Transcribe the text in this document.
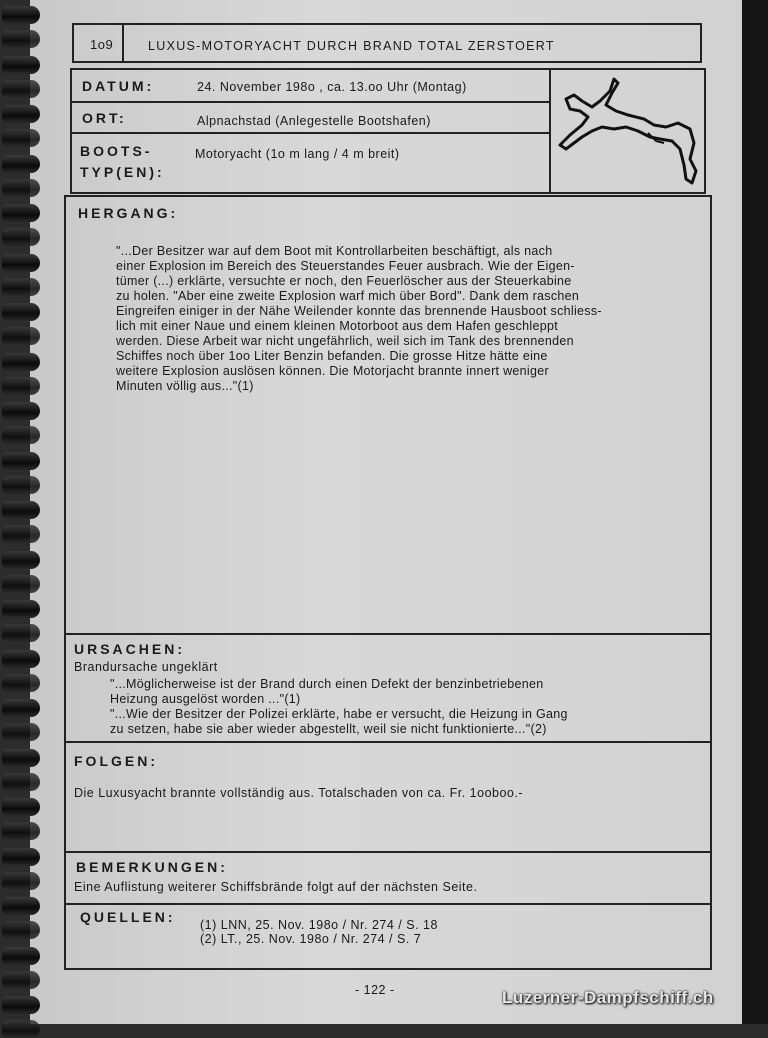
1o9	LUXUS-MOTORYACHT DURCH BRAND TOTAL ZERSTOERT
DATUM:	24. November 198o , ca. 13.oo Uhr (Montag)
ORT:	Alpnachstad (Anlegestelle Bootshafen)
BOOTS-
TYP(EN):
Motoryacht (1o m lang / 4 m breit)
HERGANG:
"...Der Besitzer war auf dem Boot mit Kontrollarbeiten beschäftigt, als nach
einer Explosion im Bereich des Steuerstandes Feuer ausbrach. Wie der Eigen-
tümer (...) erklärte, versuchte er noch, den Feuerlöscher aus der Steuerkabine
zu holen. "Aber eine zweite Explosion warf mich über Bord". Dank dem raschen
Eingreifen einiger in der Nähe Weilender konnte das brennende Hausboot schliess-
lich mit einer Naue und einem kleinen Motorboot aus dem Hafen geschleppt
werden. Diese Arbeit war nicht ungefährlich, weil sich im Tank des brennenden
Schiffes noch über 1oo Liter Benzin befanden. Die grosse Hitze hätte eine
weitere Explosion auslösen können. Die Motorjacht brannte innert weniger
Minuten völlig aus..."(1)
URSACHEN:
Brandursache ungeklärt
"...Möglicherweise ist der Brand durch einen Defekt der benzinbetriebenen
Heizung ausgelöst worden ..."(1)
"...Wie der Besitzer der Polizei erklärte, habe er versucht, die Heizung in Gang
zu setzen, habe sie aber wieder abgestellt, weil sie nicht funktionierte..."(2)
FOLGEN:
Die Luxusyacht brannte vollständig aus. Totalschaden von ca. Fr. 1ooboo.-
BEMERKUNGEN:
Eine Auflistung weiterer Schiffsbrände folgt auf der nächsten Seite.
QUELLEN: (1) LNN, 25. Nov. 198o / Nr. 274 / S. 18
(2) LT., 25. Nov. 198o / Nr. 274 / S. 7
- 122 -	Luzerner-Dampfschiff.ch
